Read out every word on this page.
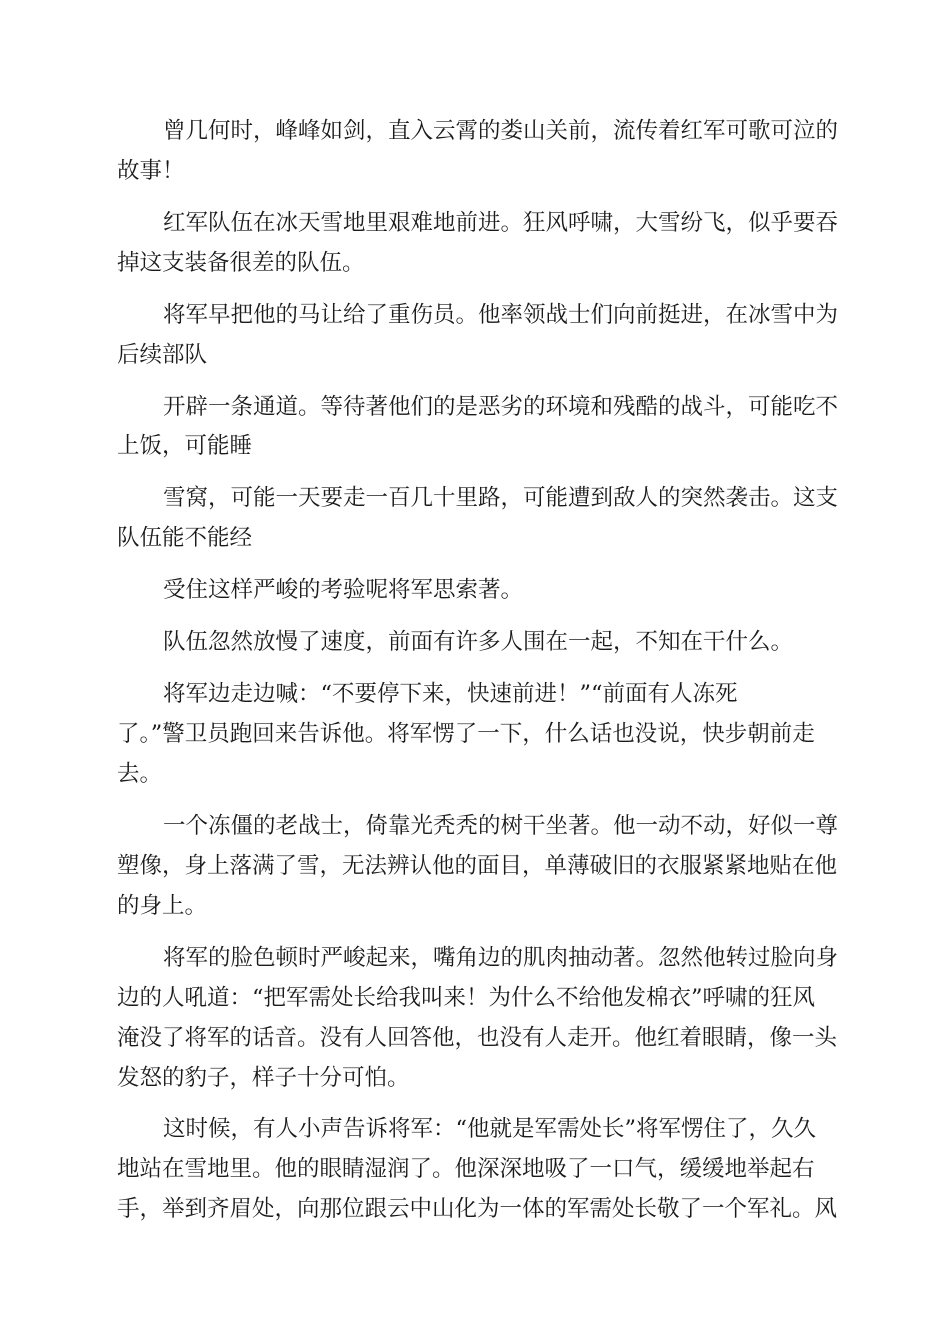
曾几何时，峰峰如剑，直入云霄的娄山关前，流传着红军可歌可泣的
故事！
红军队伍在冰天雪地里艰难地前进。狂风呼啸，大雪纷飞，似乎要吞
掉这支装备很差的队伍。
将军早把他的马让给了重伤员。他率领战士们向前挺进，在冰雪中为
后续部队
开辟一条通道。等待著他们的是恶劣的环境和残酷的战斗，可能吃不
上饭，可能睡
雪窝，可能一天要走一百几十里路，可能遭到敌人的突然袭击。这支
队伍能不能经
受住这样严峻的考验呢将军思索著。
队伍忽然放慢了速度，前面有许多人围在一起，不知在干什么。
将军边走边喊：“不要停下来，快速前进！”“前面有人冻死
了。”警卫员跑回来告诉他。将军愣了一下，什么话也没说，快步朝前走
去。
一个冻僵的老战士，倚靠光秃秃的树干坐著。他一动不动，好似一尊
塑像，身上落满了雪，无法辨认他的面目，单薄破旧的衣服紧紧地贴在他
的身上。
将军的脸色顿时严峻起来，嘴角边的肌肉抽动著。忽然他转过脸向身
边的人吼道：“把军需处长给我叫来！为什么不给他发棉衣”呼啸的狂风
淹没了将军的话音。没有人回答他，也没有人走开。他红着眼睛，像一头
发怒的豹子，样子十分可怕。
这时候，有人小声告诉将军：“他就是军需处长”将军愣住了，久久
地站在雪地里。他的眼睛湿润了。他深深地吸了一口气，缓缓地举起右
手，举到齐眉处，向那位跟云中山化为一体的军需处长敬了一个军礼。风
